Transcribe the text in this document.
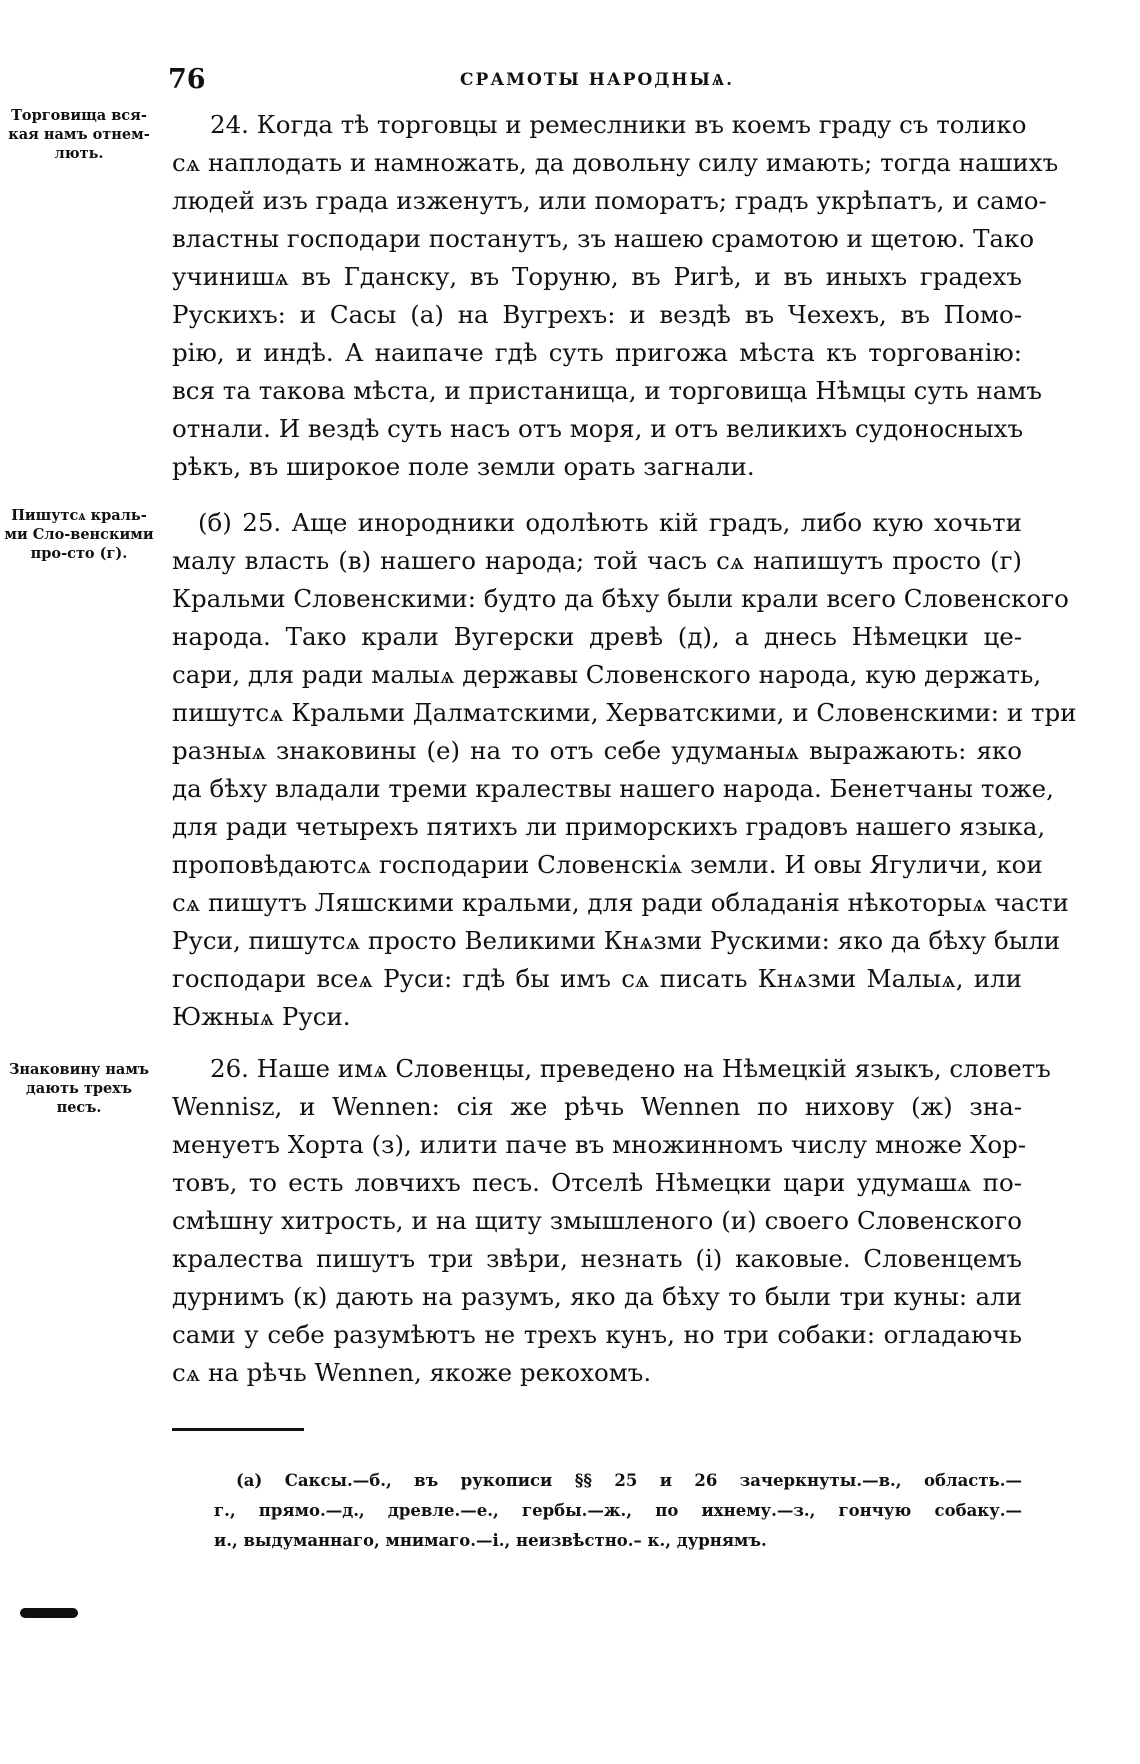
76	СРАМОТЫ НАРОДНЫѦ.
Торговища вся-кая намъ отнем-лють.
Пишутсѧ краль-ми Сло-венскими про-сто (г).
Знаковину намъ дають трехъ песъ.
24. Когда тѣ торговцы и ремеслники въ коемъ граду съ толико
сѧ наплодать и намножать, да довольну силу имають; тогда нашихъ
людей изъ града изженутъ, или поморатъ; градъ укрѣпатъ, и само-
властны господари постанутъ, зъ нашею срамотою и щетою. Тако
учинишѧ въ Гданску, въ Торуню, въ Ригѣ, и въ иныхъ градехъ
Рускихъ: и Сасы (а) на Вугрехъ: и вездѣ въ Чехехъ, въ Помо-
рію, и индѣ. А наипаче гдѣ суть пригожа мѣста къ торгованію:
вся та такова мѣста, и пристанища, и торговища Нѣмцы суть намъ
отнали. И вездѣ суть насъ отъ моря, и отъ великихъ судоносныхъ
рѣкъ, въ широкое поле земли орать загнали.
(б) 25. Аще инородники одолѣють кій градъ, либо кую хочьти
малу власть (в) нашего народа; той часъ сѧ напишутъ просто (г)
Кральми Словенскими: будто да бѣху были крали всего Словенского
народа. Тако крали Вугерски древѣ (д), а днесь Нѣмецки це-
сари, для ради малыѧ державы Словенского народа, кую держать,
пишутсѧ Кральми Далматскими, Херватскими, и Словенскими: и три
разныѧ знаковины (е) на то отъ себе удуманыѧ выражають: яко
да бѣху владали треми кралествы нашего народа. Бенетчаны тоже,
для ради четырехъ пятихъ ли приморскихъ градовъ нашего языка,
проповѣдаютсѧ господарии Словенскіѧ земли. И овы Ягуличи, кои
сѧ пишутъ Ляшскими кральми, для ради обладанія нѣкоторыѧ части
Руси, пишутсѧ просто Великими Кнѧзми Рускими: яко да бѣху были
господари всеѧ Руси: гдѣ бы имъ сѧ писать Кнѧзми Малыѧ, или
Южныѧ Руси.
26. Наше имѧ Словенцы, преведено на Нѣмецкій языкъ, словетъ
Wennisz, и Wennen: сія же рѣчь Wennen по нихову (ж) зна-
менуетъ Хорта (з), илити паче въ множинномъ числу множе Хор-
товъ, то есть ловчихъ песъ. Отселѣ Нѣмецки цари удумашѧ по-
смѣшну хитрость, и на щиту змышленого (и) своего Словенского
кралества пишутъ три звѣри, незнать (і) каковые. Словенцемъ
дурнимъ (к) дають на разумъ, яко да бѣху то были три куны: али
сами у себе разумѣютъ не трехъ кунъ, но три собаки: огладаючь
сѧ на рѣчь Wennen, якоже рекохомъ.
(а) Саксы.—б., въ рукописи §§ 25 и 26 зачеркнуты.—в., область.—
г., прямо.—д., древле.—е., гербы.—ж., по ихнему.—з., гончую собаку.—
и., выдуманнаго, мнимаго.—і., неизвѣстно.– к., дурнямъ.
